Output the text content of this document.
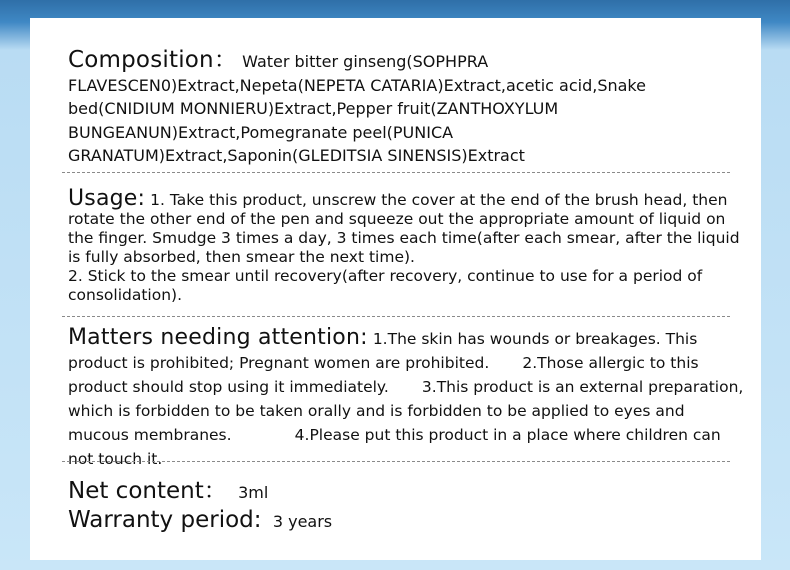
Composition： Water bitter ginseng(SOPHPRA FLAVESCEN0)Extract,Nepeta(NEPETA CATARIA)Extract,acetic acid,Snake bed(CNIDIUM MONNIERU)Extract,Pepper fruit(ZANTHOXYLUM BUNGEANUN)Extract,Pomegranate peel(PUNICA GRANATUM)Extract,Saponin(GLEDITSIA SINENSIS)Extract
Usage: 1. Take this product, unscrew the cover at the end of the brush head, then rotate the other end of the pen and squeeze out the appropriate amount of liquid on the finger. Smudge 3 times a day, 3 times each time(after each smear, after the liquid is fully absorbed, then smear the next time).
2. Stick to the smear until recovery(after recovery, continue to use for a period of consolidation).
Matters needing attention: 1.The skin has wounds or breakages. This product is prohibited; Pregnant women are prohibited. 2.Those allergic to this product should stop using it immediately. 3.This product is an external preparation, which is forbidden to be taken orally and is forbidden to be applied to eyes and mucous membranes.	4.Please put this product in a place where children can not touch it.
Net content： 3ml
Warranty period: 3 years
